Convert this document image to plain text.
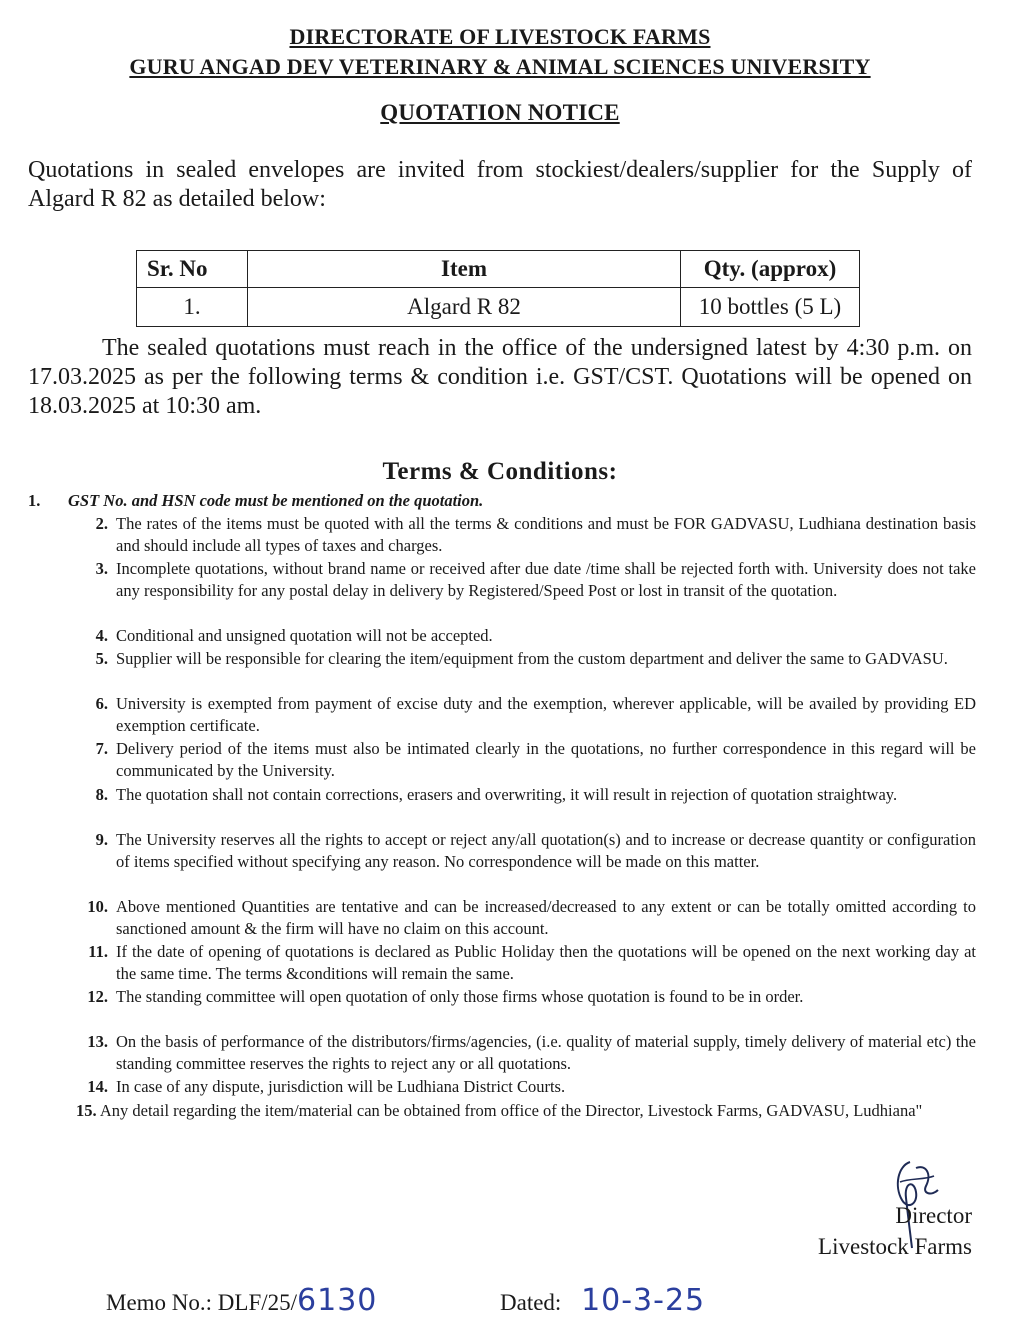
DIRECTORATE OF LIVESTOCK FARMS
GURU ANGAD DEV VETERINARY & ANIMAL SCIENCES UNIVERSITY
QUOTATION NOTICE
Quotations in sealed envelopes are invited from stockiest/dealers/supplier for the Supply of Algard R 82 as detailed below:
Sr. No	Item	Qty. (approx)
1.	Algard R 82	10 bottles (5 L)
The sealed quotations must reach in the office of the undersigned latest by 4:30 p.m. on 17.03.2025 as per the following terms & condition i.e. GST/CST. Quotations will be opened on 18.03.2025 at 10:30 am.
Terms & Conditions:
1. GST No. and HSN code must be mentioned on the quotation.
2. The rates of the items must be quoted with all the terms & conditions and must be FOR GADVASU, Ludhiana destination basis and should include all types of taxes and charges.
3. Incomplete quotations, without brand name or received after due date /time shall be rejected forth with. University does not take any responsibility for any postal delay in delivery by Registered/Speed Post or lost in transit of the quotation.
4. Conditional and unsigned quotation will not be accepted.
5. Supplier will be responsible for clearing the item/equipment from the custom department and deliver the same to GADVASU.
6. University is exempted from payment of excise duty and the exemption, wherever applicable, will be availed by providing ED exemption certificate.
7. Delivery period of the items must also be intimated clearly in the quotations, no further correspondence in this regard will be communicated by the University.
8. The quotation shall not contain corrections, erasers and overwriting, it will result in rejection of quotation straightway.
9. The University reserves all the rights to accept or reject any/all quotation(s) and to increase or decrease quantity or configuration of items specified without specifying any reason. No correspondence will be made on this matter.
10. Above mentioned Quantities are tentative and can be increased/decreased to any extent or can be totally omitted according to sanctioned amount & the firm will have no claim on this account.
11. If the date of opening of quotations is declared as Public Holiday then the quotations will be opened on the next working day at the same time. The terms &conditions will remain the same.
12. The standing committee will open quotation of only those firms whose quotation is found to be in order.
13. On the basis of performance of the distributors/firms/agencies, (i.e. quality of material supply, timely delivery of material etc) the standing committee reserves the rights to reject any or all quotations.
14. In case of any dispute, jurisdiction will be Ludhiana District Courts.
15. Any detail regarding the item/material can be obtained from office of the Director, Livestock Farms, GADVASU, Ludhiana"
Director
Livestock Farms
Memo No.: DLF/25/6130	Dated: 10-3-25
